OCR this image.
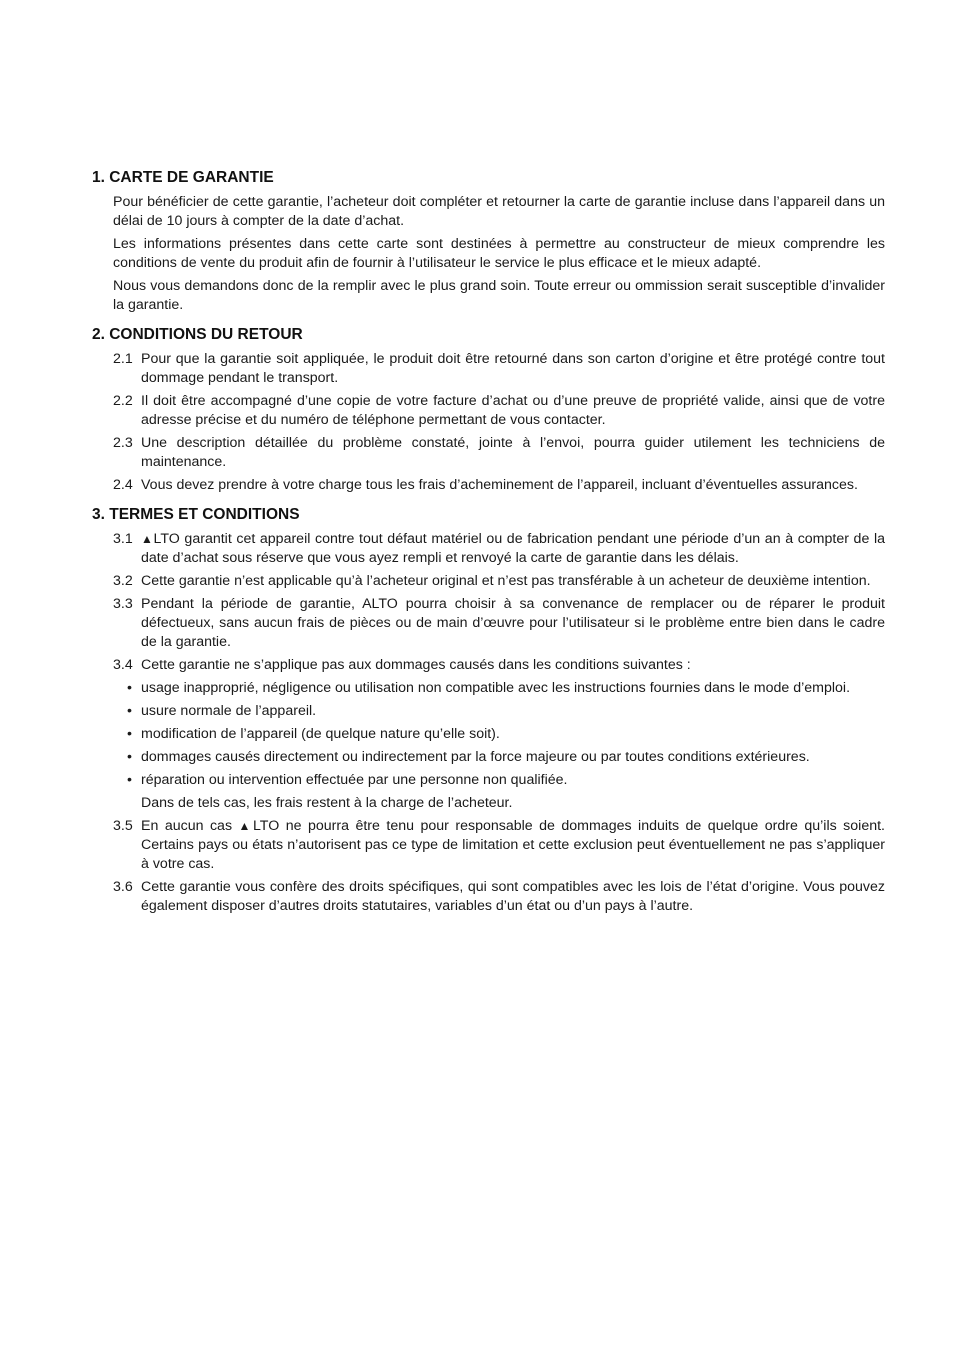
1. CARTE DE GARANTIE

Pour bénéficier de cette garantie, l’acheteur doit compléter et retourner la carte de garantie incluse dans l’appareil dans un délai de 10 jours à compter de la date d’achat.

Les informations présentes dans cette carte sont destinées à permettre au constructeur de mieux comprendre les conditions de vente du produit afin de fournir à l’utilisateur le service le plus efficace et le mieux adapté.

Nous vous demandons donc de la remplir avec le plus grand soin. Toute erreur ou ommission serait susceptible d’invalider la garantie.

2. CONDITIONS DU RETOUR
2.1 Pour que la garantie soit appliquée, le produit doit être retourné dans son carton d’origine et être protégé contre tout dommage pendant le transport.

2.2 Il doit être accompagné d’une copie de votre facture d’achat ou d’une preuve de propriété valide, ainsi que de votre adresse précise et du numéro de téléphone permettant de vous contacter.

2.3 Une description détaillée du problème constaté, jointe à l’envoi, pourra guider utilement les techniciens de maintenance.

2.4 Vous devez prendre à votre charge tous les frais d’acheminement de l’appareil, incluant d’éventuelles assurances.

3. TERMES ET CONDITIONS
3.1 ▲LTO garantit cet appareil contre tout défaut matériel ou de fabrication pendant une période d’un an à compter de la date d’achat sous réserve que vous ayez rempli et renvoyé la carte de garantie dans les délais.

3.2 Cette garantie n’est applicable qu’à l’acheteur original et n’est pas transférable à un acheteur de deuxième intention.

3.3 Pendant la période de garantie, ALTO pourra choisir à sa convenance de remplacer ou de réparer le produit défectueux, sans aucun frais de pièces ou de main d’œuvre pour l’utilisateur si le problème entre bien dans le cadre de la garantie.

3.4 Cette garantie ne s’applique pas aux dommages causés dans les conditions suivantes :

• usage inapproprié, négligence ou utilisation non compatible avec les instructions fournies dans le mode d’emploi.

• usure normale de l’appareil.

• modification de l’appareil (de quelque nature qu’elle soit).

• dommages causés directement ou indirectement par la force majeure ou par toutes conditions extérieures.

• réparation ou intervention effectuée par une personne non qualifiée.

Dans de tels cas, les frais restent à la charge de l’acheteur.

3.5 En aucun cas ▲LTO ne pourra être tenu pour responsable de dommages induits de quelque ordre qu’ils soient. Certains pays ou états n’autorisent pas ce type de limitation et cette exclusion peut éventuellement ne pas s’appliquer à votre cas.

3.6 Cette garantie vous confère des droits spécifiques, qui sont compatibles avec les lois de l’état d’origine. Vous pouvez également disposer d’autres droits statutaires, variables d’un état ou d’un pays à l’autre.
